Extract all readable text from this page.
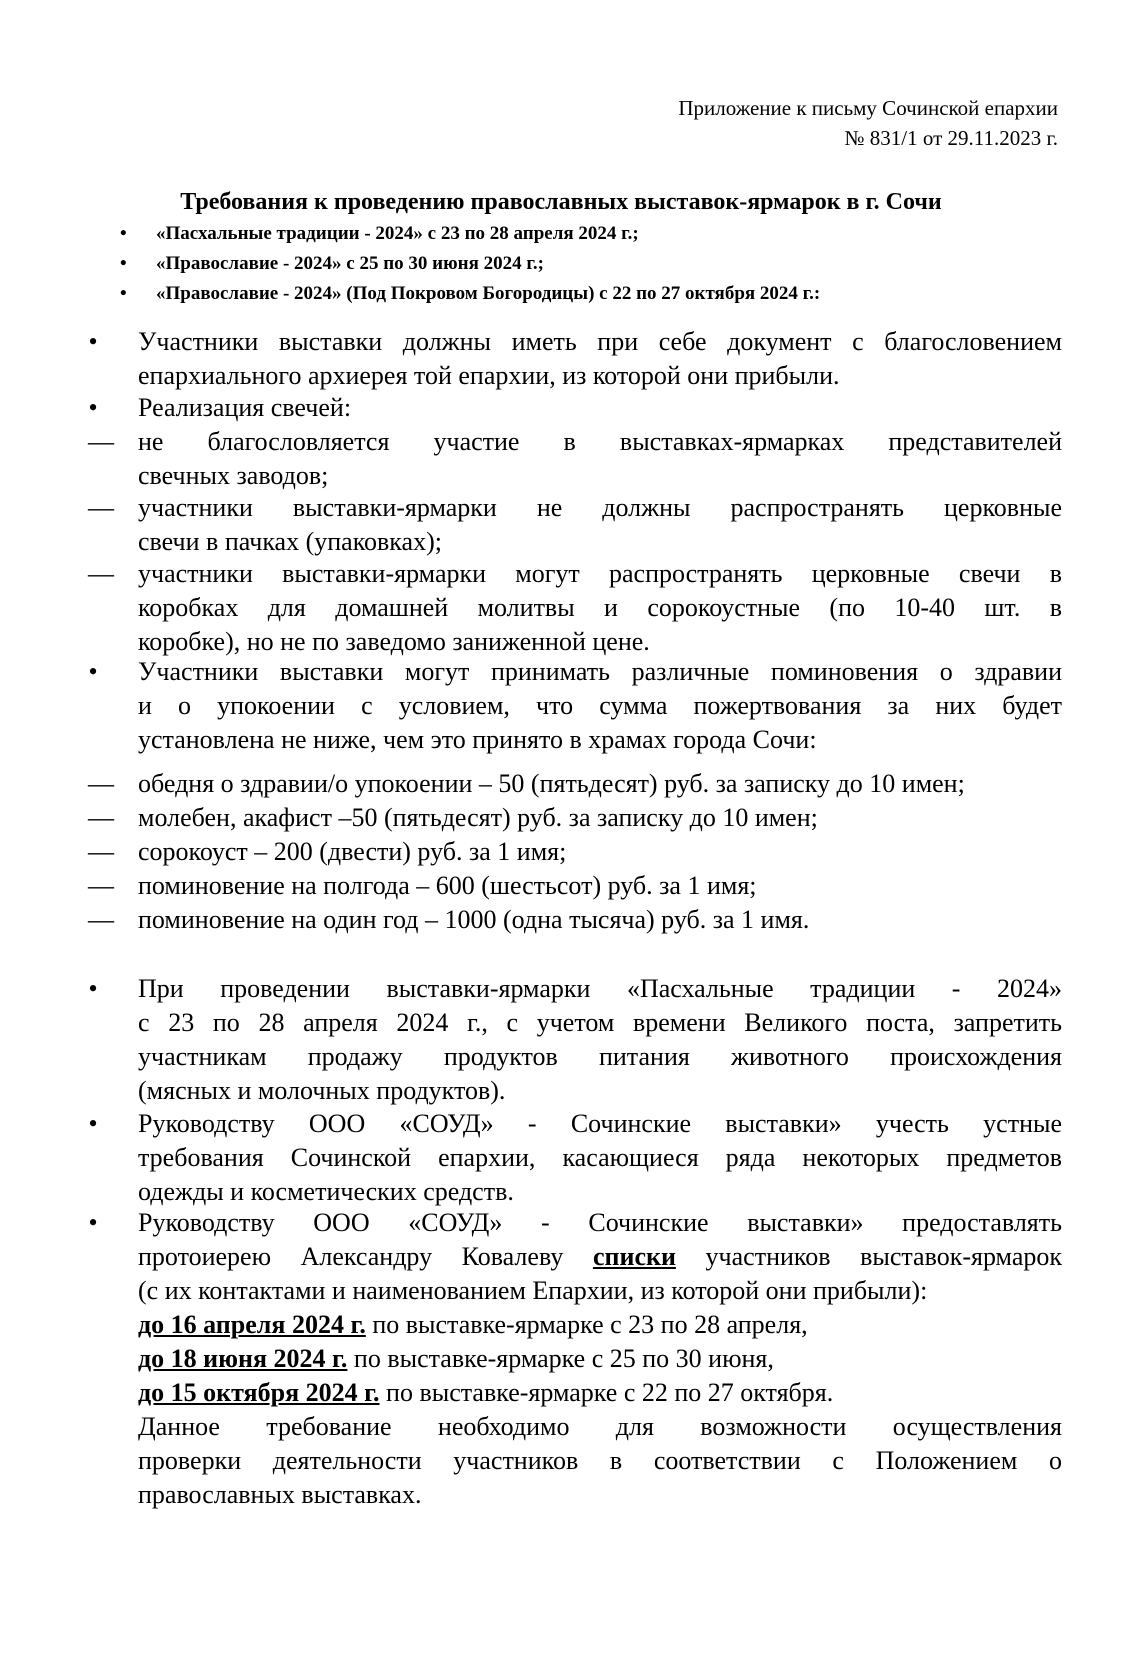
Приложение к письму Сочинской епархии
№ 831/1 от 29.11.2023 г.
Требования к проведению православных выставок-ярмарок в г. Сочи
• «Пасхальные традиции - 2024» с 23 по 28 апреля 2024 г.;
• «Православие - 2024» с 25 по 30 июня 2024 г.;
• «Православие - 2024» (Под Покровом Богородицы) с 22 по 27 октября 2024 г.:
• Участники выставки должны иметь при себе документ с благословением
епархиального архиерея той епархии, из которой они прибыли.
• Реализация свечей:
— не благословляется участие в выставках-ярмарках представителей
свечных заводов;
— участники выставки-ярмарки не должны распространять церковные
свечи в пачках (упаковках);
— участники выставки-ярмарки могут распространять церковные свечи в
коробках для домашней молитвы и сорокоустные (по 10-40 шт. в
коробке), но не по заведомо заниженной цене.
• Участники выставки могут принимать различные поминовения о здравии
и о упокоении с условием, что сумма пожертвования за них будет
установлена не ниже, чем это принято в храмах города Сочи:
— обедня о здравии/о упокоении – 50 (пятьдесят) руб. за записку до 10 имен;
— молебен, акафист –50 (пятьдесят) руб. за записку до 10 имен;
— сорокоуст – 200 (двести) руб. за 1 имя;
— поминовение на полгода – 600 (шестьсот) руб. за 1 имя;
— поминовение на один год – 1000 (одна тысяча) руб. за 1 имя.
• При проведении выставки-ярмарки «Пасхальные традиции - 2024»
с 23 по 28 апреля 2024 г., с учетом времени Великого поста, запретить
участникам продажу продуктов питания животного происхождения
(мясных и молочных продуктов).
• Руководству ООО «СОУД» - Сочинские выставки» учесть устные
требования Сочинской епархии, касающиеся ряда некоторых предметов
одежды и косметических средств.
• Руководству ООО «СОУД» - Сочинские выставки» предоставлять
протоиерею Александру Ковалеву списки участников выставок-ярмарок
(с их контактами и наименованием Епархии, из которой они прибыли):
до 16 апреля 2024 г. по выставке-ярмарке с 23 по 28 апреля,
до 18 июня 2024 г. по выставке-ярмарке с 25 по 30 июня,
до 15 октября 2024 г. по выставке-ярмарке с 22 по 27 октября.
Данное требование необходимо для возможности осуществления
проверки деятельности участников в соответствии с Положением о
православных выставках.
